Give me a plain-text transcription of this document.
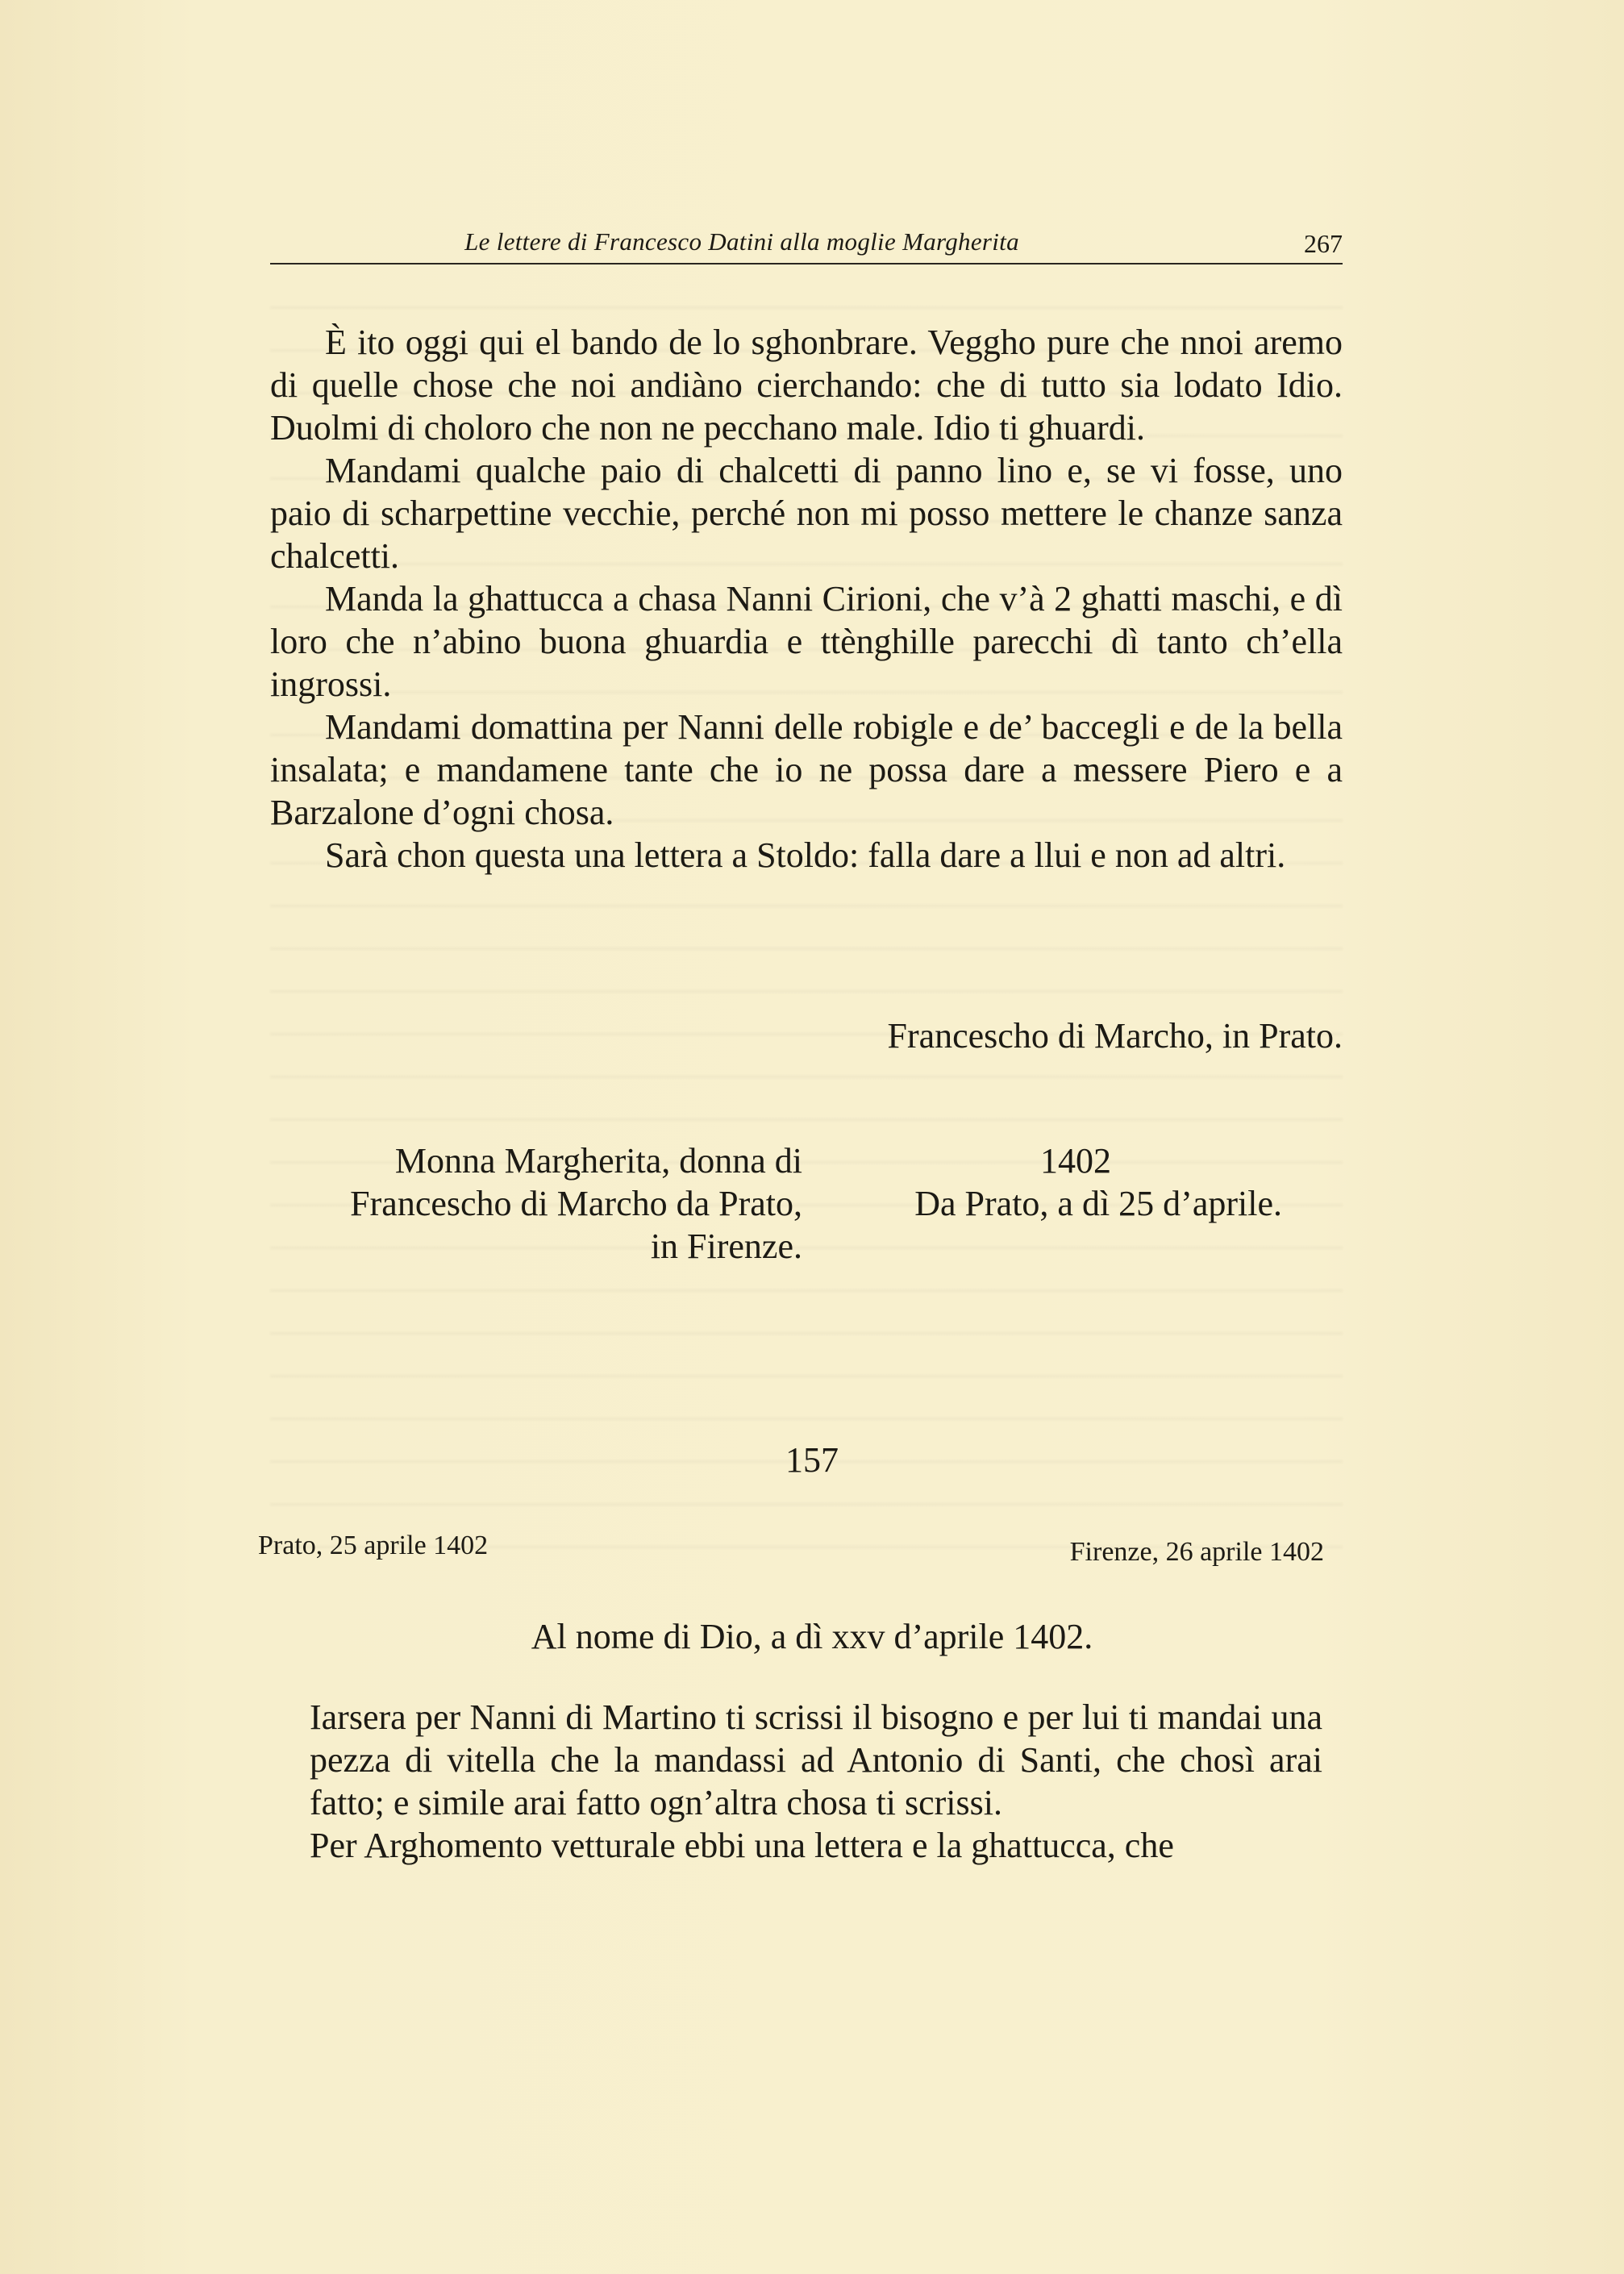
Le lettere di Francesco Datini alla moglie Margherita	267

È ito oggi qui el bando de lo sghonbrare. Vegghо pure che nnoi aremo di quelle chose che noi andiàno cierchando: che di tutto sia lodato Idio. Duolmi di choloro che non ne pecchano male. Idio ti ghuardi.

Mandami qualche paio di chalcetti di panno lino e, se vi fosse, uno paio di scharpettine vecchie, perché non mi posso mettere le chanze sanza chalcetti.

Manda la ghattucca a chasa Nanni Cirioni, che v’à 2 ghatti maschi, e dì loro che n’abino buona ghuardia e ttènghille parecchi dì tanto ch’ella ingrossi.

Mandami domattina per Nanni delle robigle e de’ baccegli e de la bella insalata; e mandamene tante che io ne possa dare a messere Piero e a Barzalone d’ogni chosa.

Sarà chon questa una lettera a Stoldo: falla dare a llui e non ad altri.

Franceschо di Marcho, in Prato.
Monna Margherita, donna di
Franceschо di Marcho da Prato,
in Firenze.
1402
Da Prato, a dì 25 d’aprile.
157
Prato, 25 aprile 1402	Firenze, 26 aprile 1402
Al nome di Dio, a dì xxv d’aprile 1402.

Iarsera per Nanni di Martino ti scrissi il bisogno e per lui ti mandai una pezza di vitella che la mandassi ad Antonio di Santi, che chosì arai fatto; e simile arai fatto ogn’altra chosa ti scrissi.

Per Arghomento vetturale ebbi una lettera e la ghattucca, che
